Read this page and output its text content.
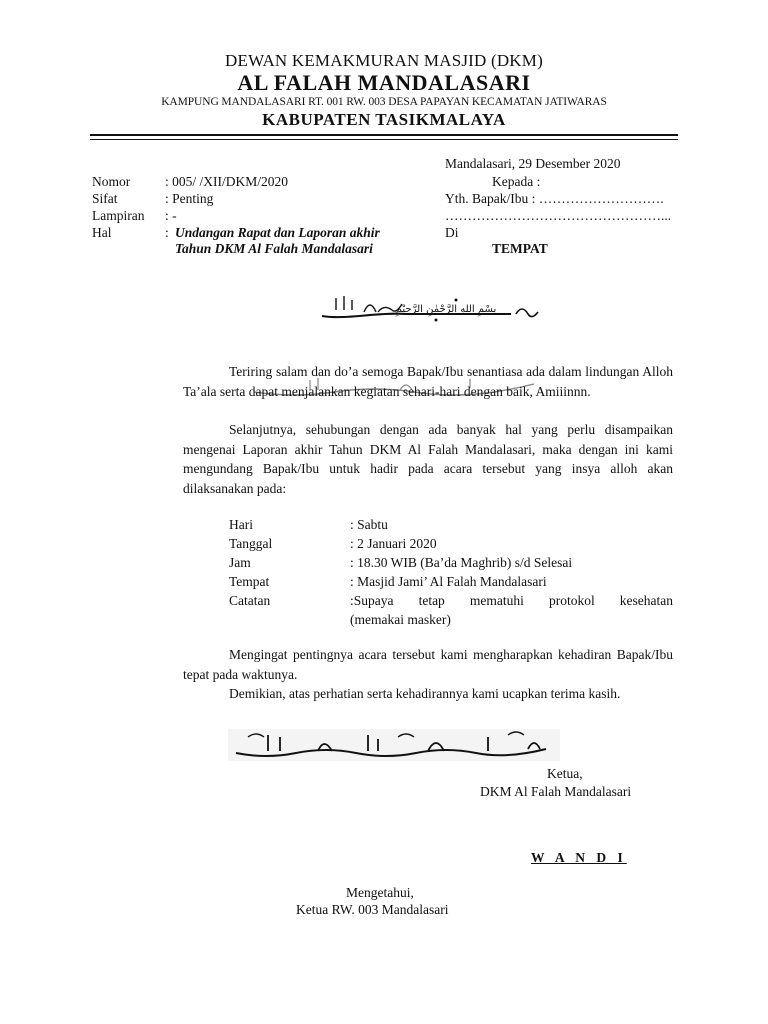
DEWAN KEMAKMURAN MASJID (DKM)
AL FALAH MANDALASARI
KAMPUNG MANDALASARI RT. 001 RW. 003 DESA PAPAYAN KECAMATAN JATIWARAS
KABUPATEN TASIKMALAYA
Mandalasari, 29 Desember 2020
Kepada :
Yth. Bapak/Ibu : ……………………….
…………………………………………...
Di
TEMPAT
Nomor	: 005/ /XII/DKM/2020
Sifat	: Penting
Lampiran : -
Hal	: Undangan Rapat dan Laporan akhir
Tahun DKM Al Falah Mandalasari
بِسْمِ اللهِ الرَّحْمٰنِ الرَّحِيْمِ

Teriring salam dan do’a semoga Bapak/Ibu senantiasa ada dalam lindungan Alloh Ta’ala serta dapat menjalankan kegiatan sehari-hari dengan baik, Amiiinnn.

Selanjutnya, sehubungan dengan ada banyak hal yang perlu disampaikan mengenai Laporan akhir Tahun DKM Al Falah Mandalasari, maka dengan ini kami mengundang Bapak/Ibu untuk hadir pada acara tersebut yang insya alloh akan dilaksanakan pada:

Hari	: Sabtu
Tanggal	: 2 Januari 2020
Jam	: 18.30 WIB (Ba’da Maghrib) s/d Selesai
Tempat	: Masjid Jami’ Al Falah Mandalasari
Catatan	:Supaya tetap mematuhi protokol kesehatan
(memakai masker)

Mengingat pentingnya acara tersebut kami mengharapkan kehadiran Bapak/Ibu tepat pada waktunya.

Demikian, atas perhatian serta kehadirannya kami ucapkan terima kasih.

وَالسَّلَامُ عَلَيْكُمْ وَرَحْمَةُ اللهِ وَبَرَكَاتُهُ
Ketua,
DKM Al Falah Mandalasari
W A N D I
Mengetahui,
Ketua RW. 003 Mandalasari
